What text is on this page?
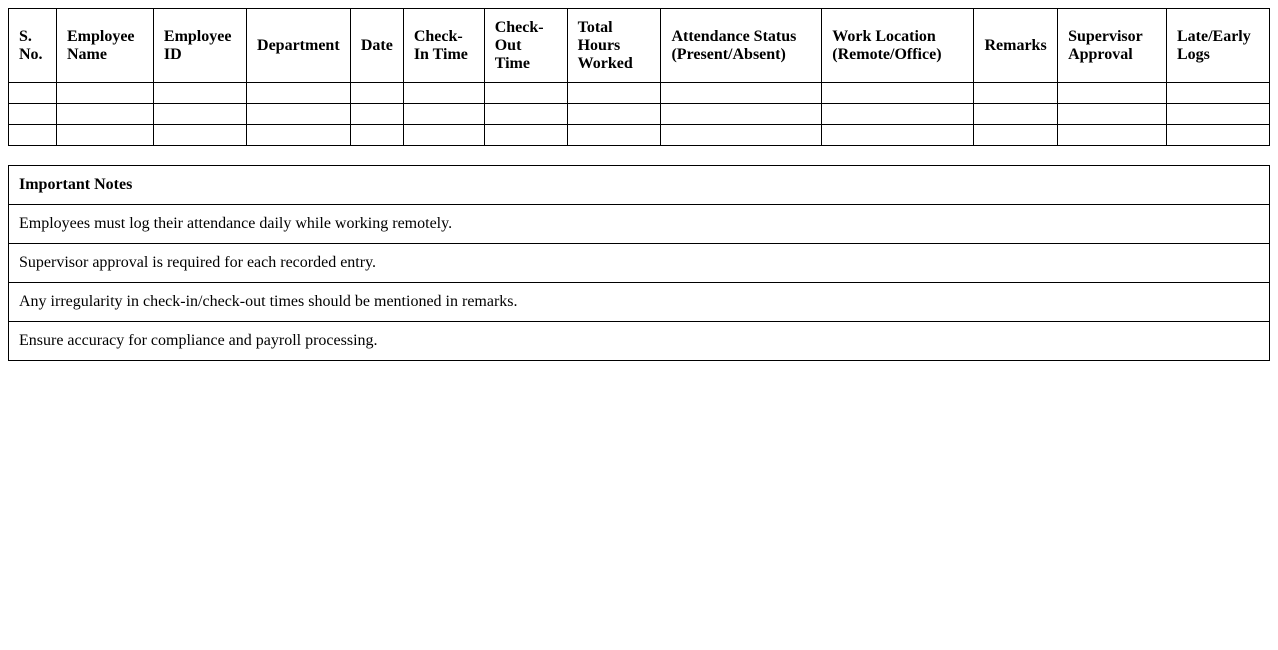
S. No.	Employee Name	Employee ID	Department	Date	Check-In Time	Check-Out Time	Total Hours Worked	Attendance Status (Present/Absent)	Work Location (Remote/Office)	Remarks	Supervisor Approval	Late/Early Logs

Important Notes
Employees must log their attendance daily while working remotely.
Supervisor approval is required for each recorded entry.
Any irregularity in check-in/check-out times should be mentioned in remarks.
Ensure accuracy for compliance and payroll processing.
